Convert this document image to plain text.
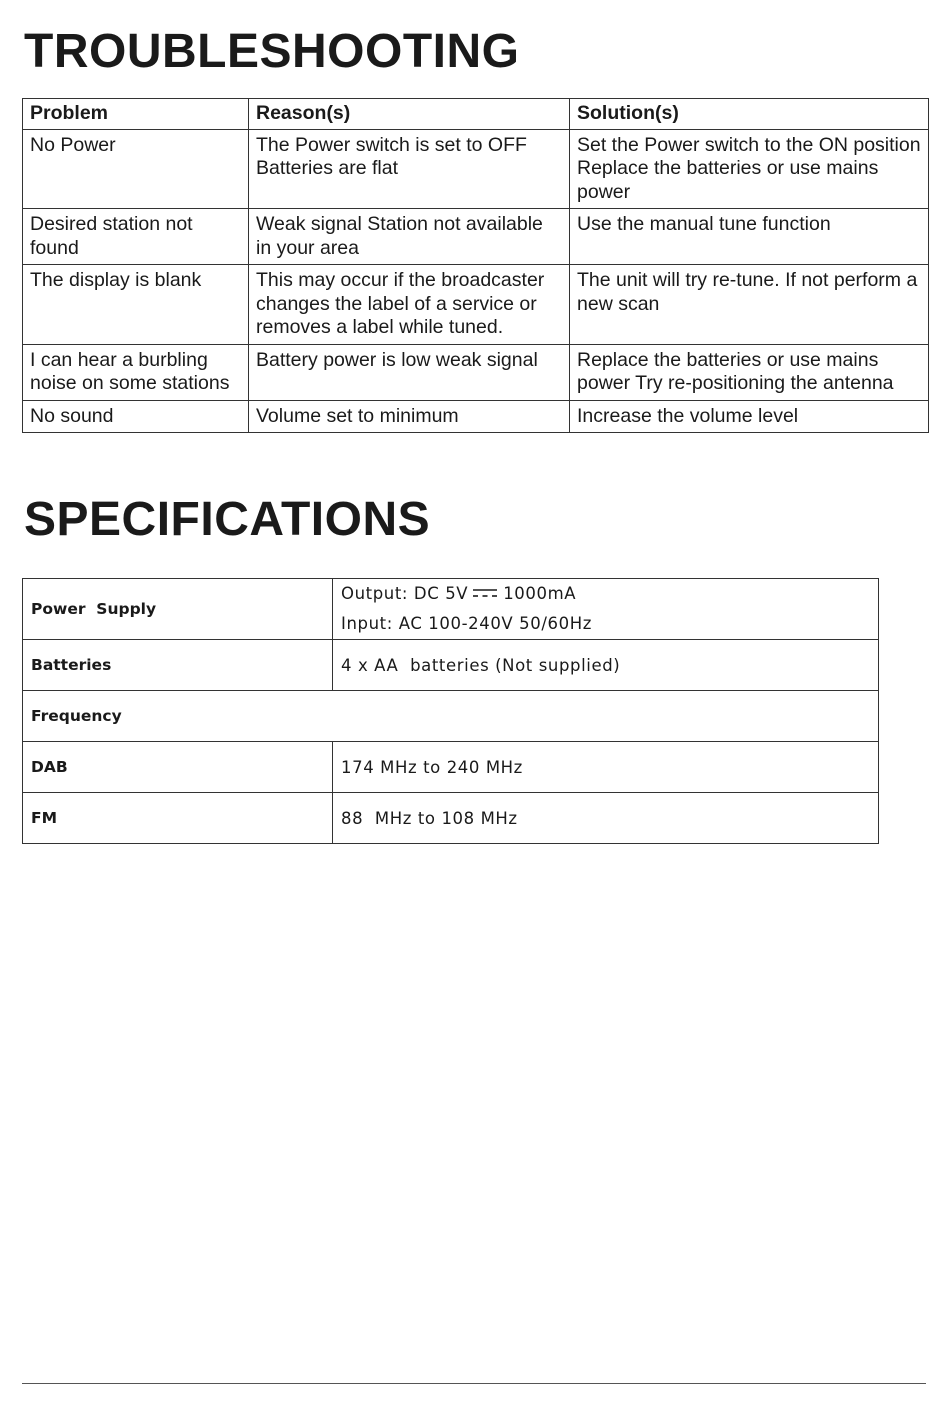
TROUBLESHOOTING
Problem	Reason(s)	Solution(s)
No Power	The Power switch is set to OFF Batteries are flat	Set the Power switch to the ON position Replace the batteries or use mains power
Desired station not found	Weak signal Station not available in your area	Use the manual tune function
The display is blank	This may occur if the broadcaster changes the label of a service or removes a label while tuned.	The unit will try re-tune. If not perform a new scan
I can hear a burbling noise on some stations	Battery power is low weak signal	Replace the batteries or use mains power Try re-positioning the antenna
No sound	Volume set to minimum	Increase the volume level
SPECIFICATIONS
Power  Supply	Output: DC 5V 1000mA
Input: AC 100-240V 50/60Hz

Batteries	4 x AA  batteries (Not supplied)
Frequency	
DAB	174 MHz to 240 MHz
FM	88  MHz to 108 MHz
